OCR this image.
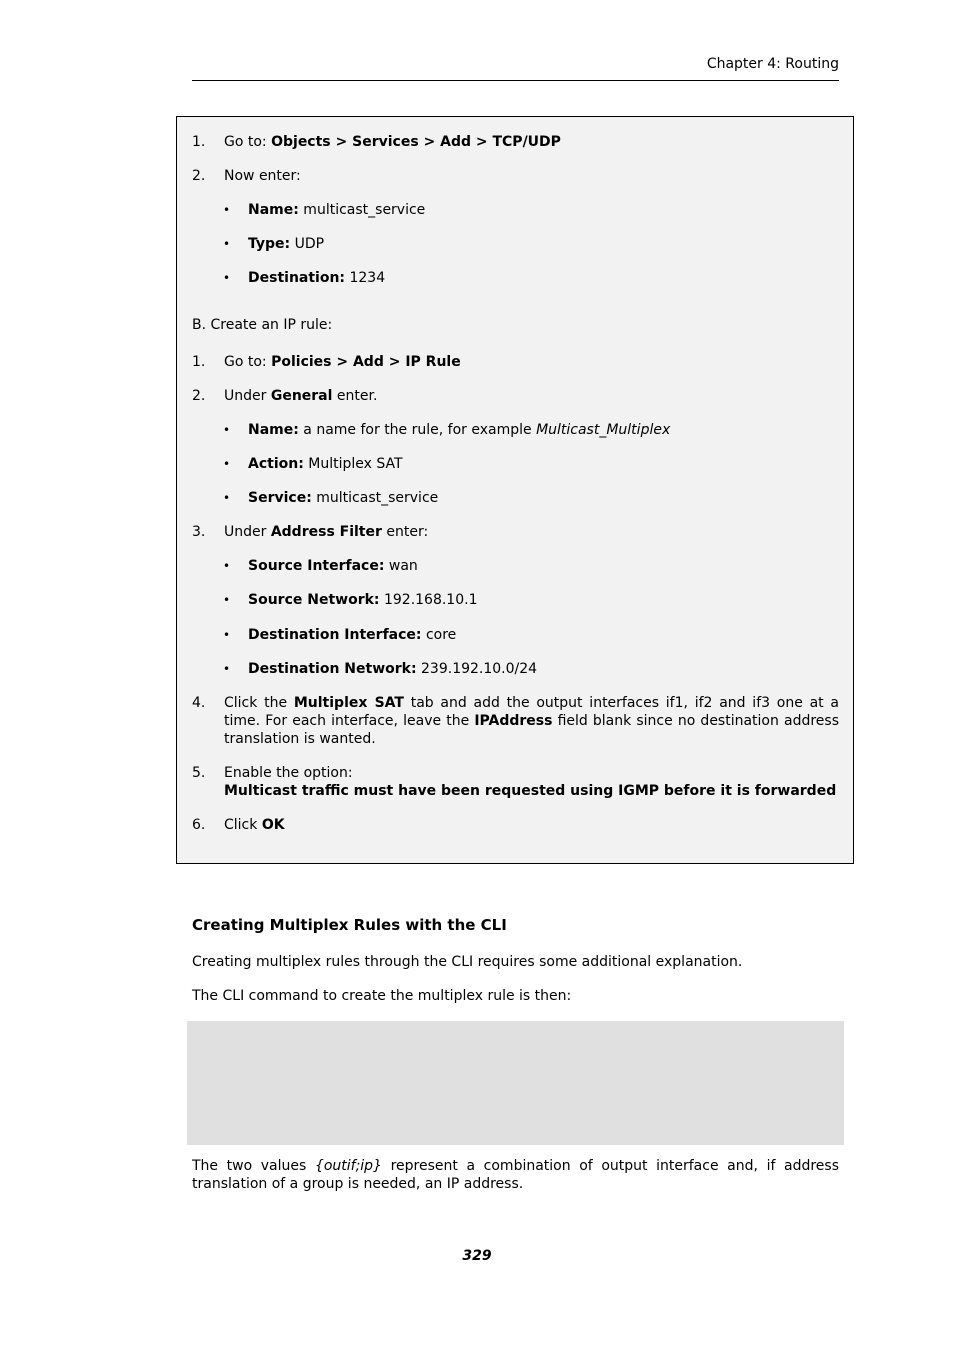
Chapter 4: Routing
1.	Go to: Objects > Services > Add > TCP/UDP
2.	Now enter:
• Name: multicast_service
• Type: UDP
• Destination: 1234
B. Create an IP rule:
1.	Go to: Policies > Add > IP Rule
2.	Under General enter.
• Name: a name for the rule, for example Multicast_Multiplex
• Action: Multiplex SAT
• Service: multicast_service
3.	Under Address Filter enter:
• Source Interface: wan
• Source Network: 192.168.10.1
• Destination Interface: core
• Destination Network: 239.192.10.0/24
4.	Click the Multiplex SAT tab and add the output interfaces if1, if2 and if3 one at a time. For each interface, leave the IPAddress field blank since no destination address translation is wanted.
5.	Enable the option:
Multicast traffic must have been requested using IGMP before it is forwarded
6.	Click OK
Creating Multiplex Rules with the CLI
Creating multiplex rules through the CLI requires some additional explanation.
The CLI command to create the multiplex rule is then:
The two values {outif;ip} represent a combination of output interface and, if address translation of a group is needed, an IP address.
329
